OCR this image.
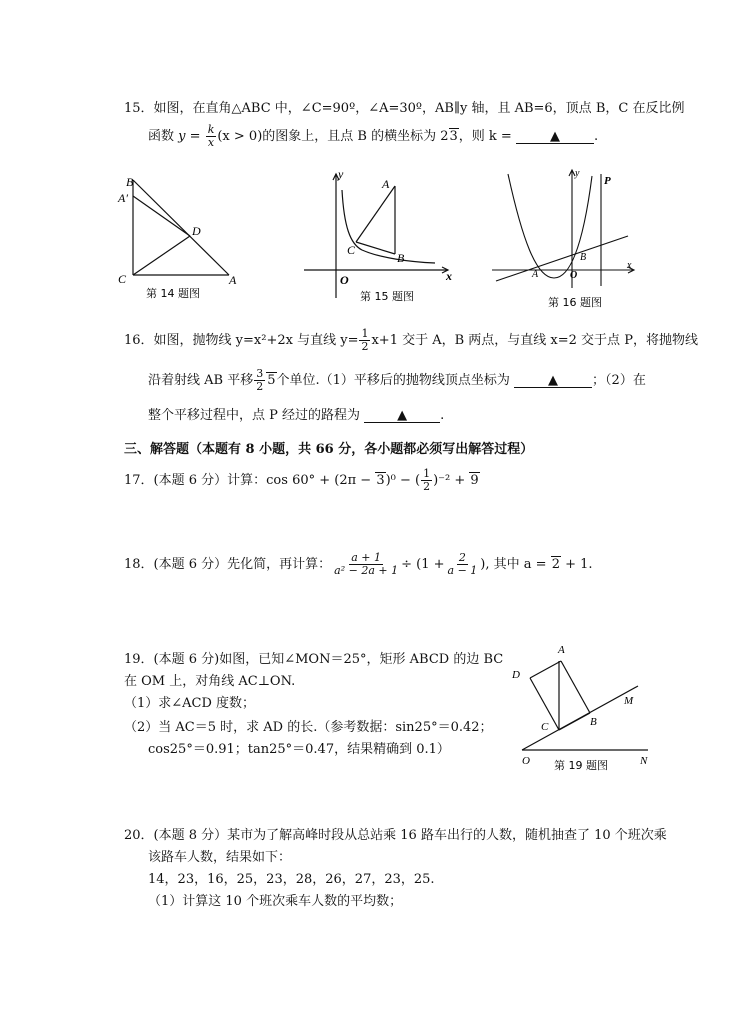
15．如图，在直角△ABC 中，∠C=90º，∠A=30º，AB∥y 轴，且 AB=6，顶点 B，C 在反比例
函数 $y = \frac{k}{x} (x > 0)$的图象上，且点 B 的横坐标为 23，则 k =	▲	.
B
A′
D
C	A
第 14 题图
y
A
C
B
O	x
第 15 题图
y
P
B
A	O
x
第 16 题图
16．如图，抛物线 y=x²+2x 与直线 $y= \frac{1}{2} x+1$ 交于 A，B 两点，与直线 x=2 交于点 P，将抛物线
沿着射线 AB 平移 $\frac{3}{2} 5$个单位.（1）平移后的抛物线顶点坐标为	▲	；（2）在
整个平移过程中，点 P 经过的路程为	▲	.
三、解答题（本题有 8 小题，共 66 分，各小题都必须写出解答过程）
17．(本题 6 分）计算：cos 60° + (2π − 3)⁰ − ( $\frac{1}{2} )^{-2} + 9$
18．(本题 6 分）先化简，再计算： $\frac{a + 1}{\text{a² − 2a + 1}} \div (1 + \frac{2}{a - 1}$ ), 其中 a = 2 + 1.
19．(本题 6 分)如图，已知∠MON＝25°，矩形 ABCD 的边 BC
在 OM 上，对角线 AC⊥ON.
（1）求∠ACD 度数；
（2）当 AC＝5 时，求 AD 的长.（参考数据：sin25°＝0.42；
cos25°＝0.91；tan25°＝0.47，结果精确到 0.1）
A
D
M
C	B
O	N
第 19 题图
20．(本题 8 分）某市为了解高峰时段从总站乘 16 路车出行的人数，随机抽查了 10 个班次乘
该路车人数，结果如下：
14，23，16，25，23，28，26，27，23，25.
（1）计算这 10 个班次乘车人数的平均数；
